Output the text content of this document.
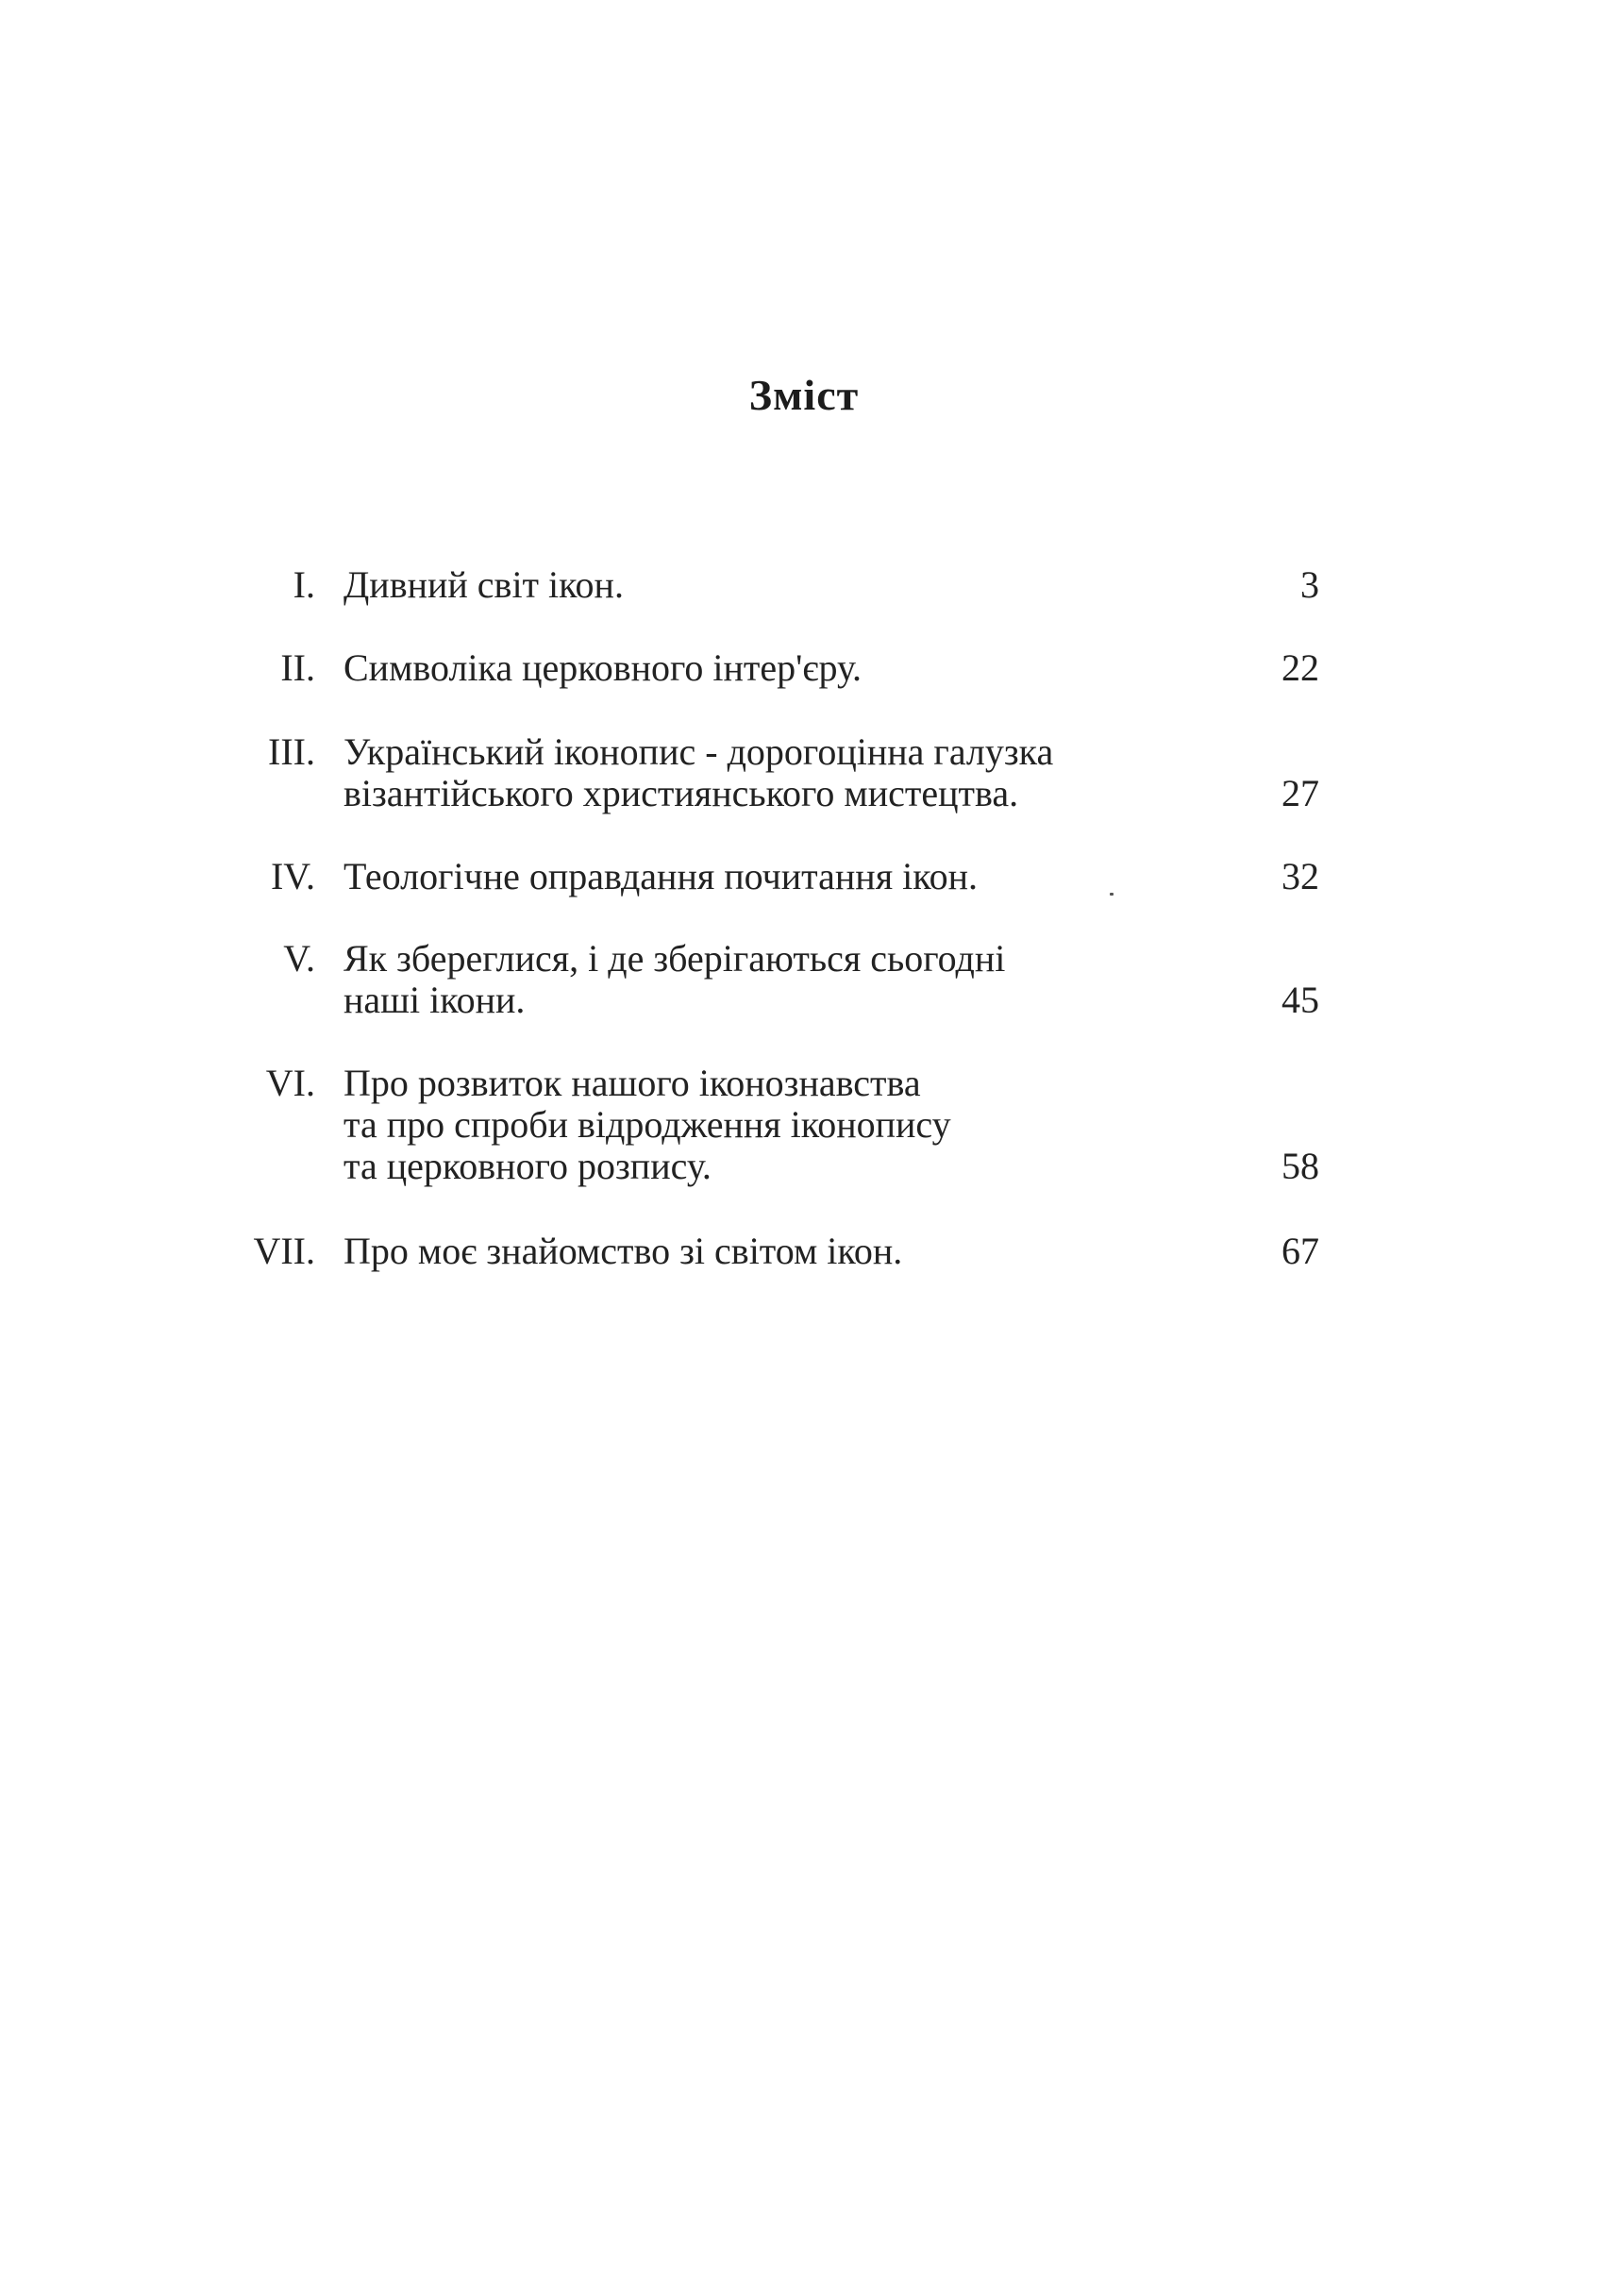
Зміст
I. Дивний світ ікон.	3
II. Символіка церковного інтер'єру.	22
III. Український іконопис - дорогоцінна галузка
візантійського християнського мистецтва.	27
IV. Теологічне оправдання почитання ікон.	32
V. Як збереглися, і де зберігаються сьогодні
наші ікони.	45
VI. Про розвиток нашого іконознавства
та про спроби відродження іконопису
та церковного розпису.	58
VII. Про моє знайомство зі світом ікон.	67
